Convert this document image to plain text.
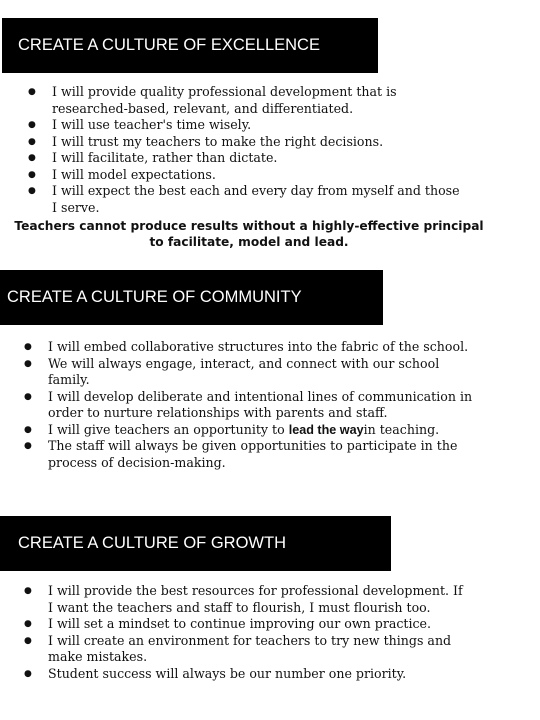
CREATE A CULTURE OF EXCELLENCE
●	I will provide quality professional development that is researched-based, relevant, and differentiated.
●	I will use teacher's time wisely.
●	I will trust my teachers to make the right decisions.
●	I will facilitate, rather than dictate.
●	I will model expectations.
●	I will expect the best each and every day from myself and those I serve.
Teachers cannot produce results without a highly-effective principal
to facilitate, model and lead.
CREATE A CULTURE OF COMMUNITY
●	I will embed collaborative structures into the fabric of the school.
●	We will always engage, interact, and connect with our school family.
●	I will develop deliberate and intentional lines of communication in order to nurture relationships with parents and staff.
●	I will give teachers an opportunity to lead the wayin teaching.
●	The staff will always be given opportunities to participate in the process of decision-making.
CREATE A CULTURE OF GROWTH
●	I will provide the best resources for professional development. If I want the teachers and staff to flourish, I must flourish too.
●	I will set a mindset to continue improving our own practice.
●	I will create an environment for teachers to try new things and make mistakes.
●	Student success will always be our number one priority.
